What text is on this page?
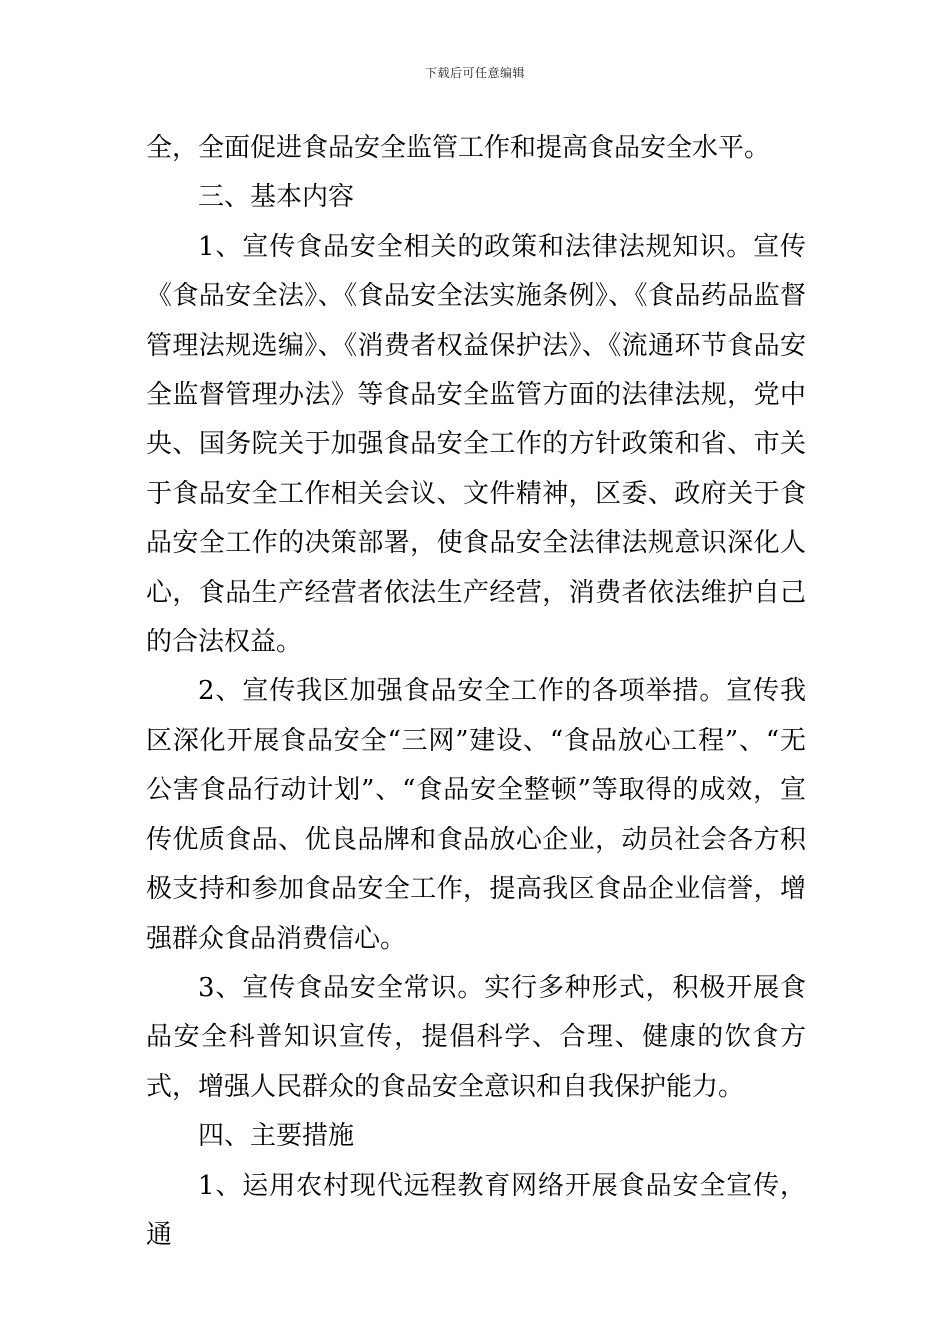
下载后可任意编辑

全，全面促进食品安全监管工作和提高食品安全水平。

三、基本内容

1、宣传食品安全相关的政策和法律法规知识。宣传《食品安全法》、《食品安全法实施条例》、《食品药品监督管理法规选编》、《消费者权益保护法》、《流通环节食品安全监督管理办法》等食品安全监管方面的法律法规，党中央、国务院关于加强食品安全工作的方针政策和省、市关于食品安全工作相关会议、文件精神，区委、政府关于食品安全工作的决策部署，使食品安全法律法规意识深化人心，食品生产经营者依法生产经营，消费者依法维护自己的合法权益。

2、宣传我区加强食品安全工作的各项举措。宣传我区深化开展食品安全“三网”建设、“食品放心工程”、“无公害食品行动计划”、“食品安全整顿”等取得的成效，宣传优质食品、优良品牌和食品放心企业，动员社会各方积极支持和参加食品安全工作，提高我区食品企业信誉，增强群众食品消费信心。

3、宣传食品安全常识。实行多种形式，积极开展食品安全科普知识宣传，提倡科学、合理、健康的饮食方式，增强人民群众的食品安全意识和自我保护能力。

四、主要措施

1、运用农村现代远程教育网络开展食品安全宣传，通
